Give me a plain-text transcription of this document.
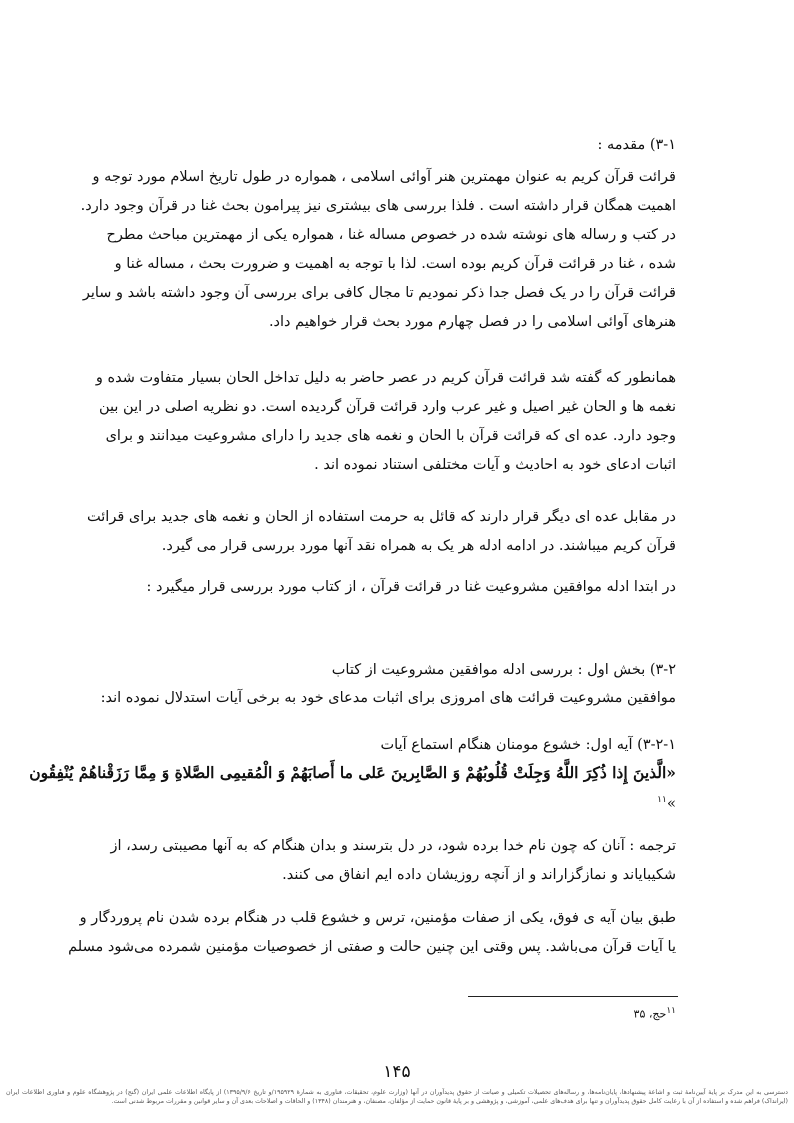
۳-۱) مقدمه :
قرائت قرآن کریم به عنوان مهمترین هنر آوائی اسلامی ، همواره در طول تاریخ اسلام مورد توجه و
اهمیت همگان قرار داشته است . فلذا بررسی های بیشتری نیز پیرامون بحث غنا در قرآن وجود دارد.
در کتب و رساله های نوشته شده در خصوص مساله غنا ، همواره یکی از مهمترین مباحث مطرح
شده ، غنا در قرائت قرآن کریم بوده است. لذا با توجه به اهمیت و ضرورت بحث ، مساله غنا و
قرائت قرآن را در یک فصل جدا ذکر نمودیم تا مجال کافی برای بررسی آن وجود داشته باشد و سایر
هنرهای آوائی اسلامی را در فصل چهارم مورد بحث قرار خواهیم داد.
همانطور که گفته شد قرائت قرآن کریم در عصر حاضر به دلیل تداخل الحان بسیار متفاوت شده و
نغمه ها و الحان غیر اصیل و غیر عرب وارد قرائت قرآن گردیده است. دو نظریه اصلی در این بین
وجود دارد. عده ای که قرائت قرآن با الحان و نغمه های جدید را دارای مشروعیت میدانند و برای
اثبات ادعای خود به احادیث و آیات مختلفی استناد نموده اند .
در مقابل عده ای دیگر قرار دارند که قائل به حرمت استفاده از الحان و نغمه های جدید برای قرائت
قرآن کریم میباشند. در ادامه ادله هر یک به همراه نقد آنها مورد بررسی قرار می گیرد.
در ابتدا ادله موافقین مشروعیت غنا در قرائت قرآن ، از کتاب مورد بررسی قرار میگیرد :
۳-۲) بخش اول : بررسی ادله موافقین مشروعیت از کتاب
موافقین مشروعیت قرائت های امروزی برای اثبات مدعای خود به برخی آیات استدلال نموده اند:
۳-۲-۱) آیه اول: خشوع مومنان هنگام استماع آیات
«الَّذینَ إِذا ذُکِرَ اللَّهُ وَجِلَتْ قُلُوبُهُمْ وَ الصَّابِرینَ عَلی ما أَصابَهُمْ وَ الْمُقیمِی الصَّلاةِ وَ مِمَّا رَزَقْناهُمْ یُنْفِقُون
»$^{۱۱}$
ترجمه : آنان که چون نام خدا برده شود، در دل بترسند و بدان هنگام که به آنها مصیبتی رسد، از
شکیبایاند و نمازگزاراند و از آنچه روزیشان داده ایم انفاق می کنند.
طبق بیان آیه ی فوق، یکی از صفات مؤمنین، ترس و خشوع قلب در هنگام برده شدن نام پروردگار و
یا آیات قرآن می‌باشد. پس وقتی این چنین حالت و صفتی از خصوصیات مؤمنین شمرده می‌شود مسلم
$^{۱۱}$حج، ۳۵
۱۴۵
دسترسی به این مدرک بر پایهٔ آیین‌نامهٔ ثبت و اشاعهٔ پیشنهادها، پایان‌نامه‌ها، و رساله‌های تحصیلات تکمیلی و صیانت از حقوق پدیدآوران در آنها (وزارت علوم، تحقیقات، فناوری به شمارهٔ ۱۹۵۹۲۹/و تاریخ ۱۳۹۵/۹/۶) از پایگاه اطلاعات علمی ایران (گنج) در پژوهشگاه علوم و فناوری اطلاعات ایران (ایرانداک) فراهم شده و استفاده از آن با رعایت کامل حقوق پدیدآوران و تنها برای هدف‌های علمی، آموزشی، و پژوهشی و بر پایهٔ قانون حمایت از مؤلفان، مصنفان، و هنرمندان (۱۳۴۸) و الحاقات و اصلاحات بعدی آن و سایر قوانین و مقررات مربوط شدنی است.
